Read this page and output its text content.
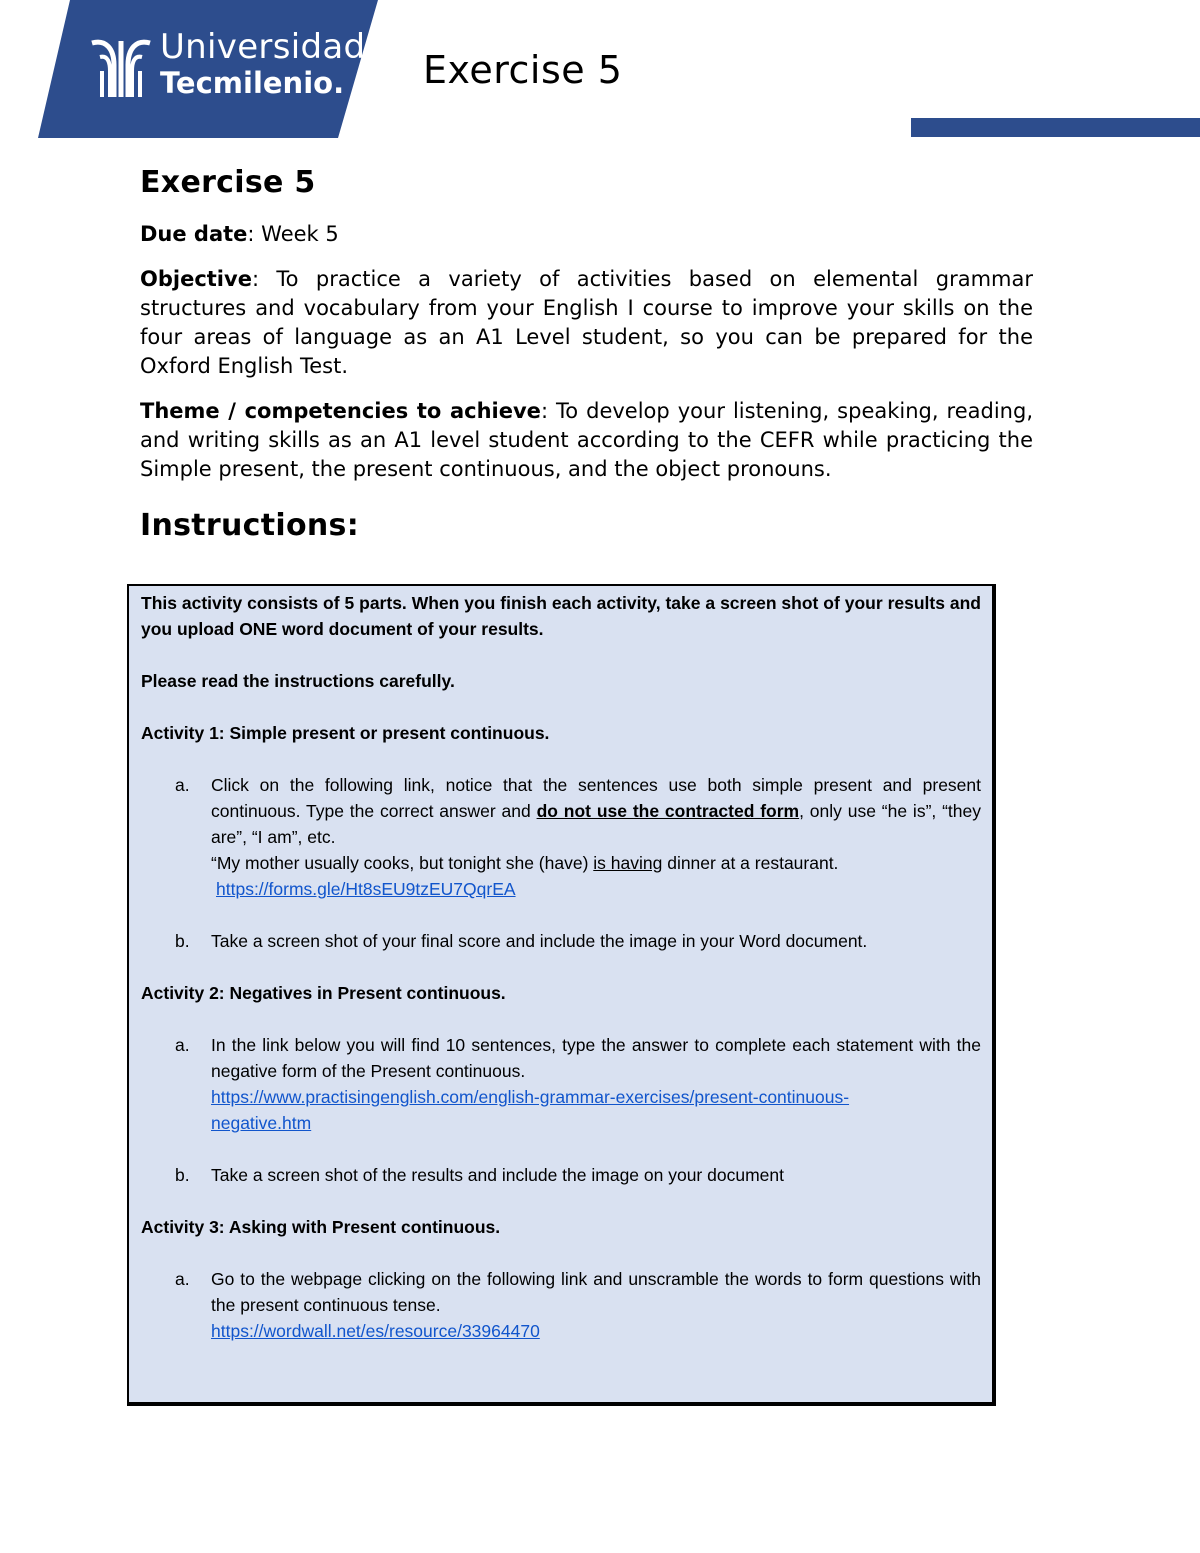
Universidad
Tecmilenio.	Exercise 5
Exercise 5

Due date: Week 5

Objective: To practice a variety of activities based on elemental grammar structures and vocabulary from your English I course to improve your skills on the four areas of language as an A1 Level student, so you can be prepared for the Oxford English Test.

Theme / competencies to achieve: To develop your listening, speaking, reading, and writing skills as an A1 level student according to the CEFR while practicing the Simple present, the present continuous, and the object pronouns.

Instructions:

This activity consists of 5 parts. When you finish each activity, take a screen shot of your results and you upload ONE word document of your results.

Please read the instructions carefully.

Activity 1: Simple present or present continuous.

a.	Click on the following link, notice that the sentences use both simple present and present continuous. Type the correct answer and do not use the contracted form, only use “he is”, “they are”, “I am”, etc.
“My mother usually cooks, but tonight she (have) is having dinner at a restaurant.
https://forms.gle/Ht8sEU9tzEU7QqrEA
b.	Take a screen shot of your final score and include the image in your Word document.

Activity 2: Negatives in Present continuous.

a.	In the link below you will find 10 sentences, type the answer to complete each statement with the negative form of the Present continuous.
https://www.practisingenglish.com/english-grammar-exercises/present-continuous-
negative.htm
b.	Take a screen shot of the results and include the image on your document

Activity 3: Asking with Present continuous.

a.	Go to the webpage clicking on the following link and unscramble the words to form questions with the present continuous tense.
https://wordwall.net/es/resource/33964470
